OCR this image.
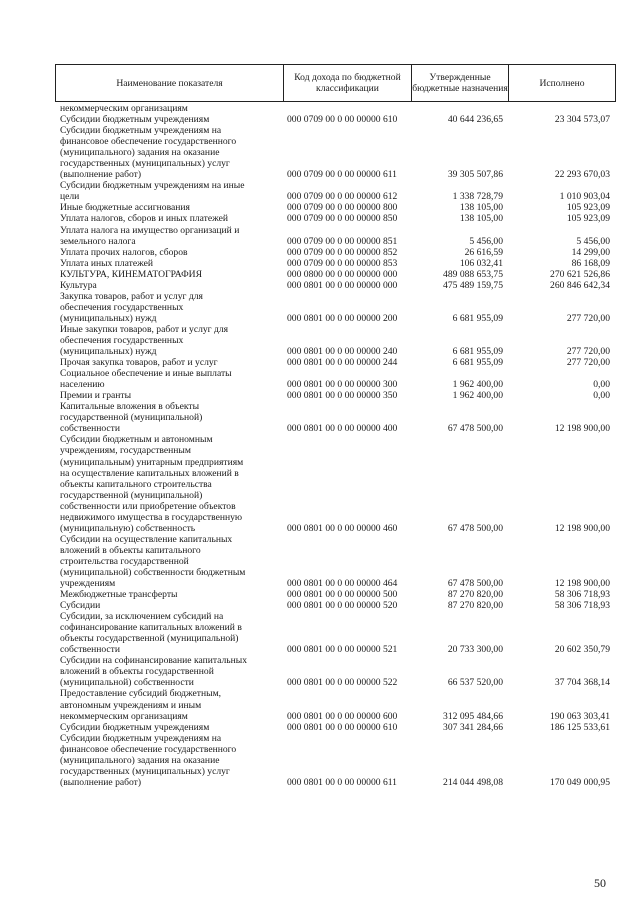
Наименование показателя	Код дохода по бюджетной классификации	Утвержденные бюджетные назначения	Исполнено
некоммерческим организациям
Субсидии бюджетным учреждениям	000 0709 00 0 00 00000 610	40 644 236,65	23 304 573,07
Субсидии бюджетным учреждениям на
финансовое обеспечение государственного
(муниципального) задания на оказание
государственных (муниципальных) услуг
(выполнение работ)	000 0709 00 0 00 00000 611	39 305 507,86	22 293 670,03
Субсидии бюджетным учреждениям на иные
цели	000 0709 00 0 00 00000 612	1 338 728,79	1 010 903,04
Иные бюджетные ассигнования	000 0709 00 0 00 00000 800	138 105,00	105 923,09
Уплата налогов, сборов и иных платежей	000 0709 00 0 00 00000 850	138 105,00	105 923,09
Уплата налога на имущество организаций и
земельного налога	000 0709 00 0 00 00000 851	5 456,00	5 456,00
Уплата прочих налогов, сборов	000 0709 00 0 00 00000 852	26 616,59	14 299,00
Уплата иных платежей	000 0709 00 0 00 00000 853	106 032,41	86 168,09
КУЛЬТУРА, КИНЕМАТОГРАФИЯ	000 0800 00 0 00 00000 000	489 088 653,75	270 621 526,86
Культура	000 0801 00 0 00 00000 000	475 489 159,75	260 846 642,34
Закупка товаров, работ и услуг для
обеспечения государственных
(муниципальных) нужд	000 0801 00 0 00 00000 200	6 681 955,09	277 720,00
Иные закупки товаров, работ и услуг для
обеспечения государственных
(муниципальных) нужд	000 0801 00 0 00 00000 240	6 681 955,09	277 720,00
Прочая закупка товаров, работ и услуг	000 0801 00 0 00 00000 244	6 681 955,09	277 720,00
Социальное обеспечение и иные выплаты
населению	000 0801 00 0 00 00000 300	1 962 400,00	0,00
Премии и гранты	000 0801 00 0 00 00000 350	1 962 400,00	0,00
Капитальные вложения в объекты
государственной (муниципальной)
собственности	000 0801 00 0 00 00000 400	67 478 500,00	12 198 900,00
Субсидии бюджетным и автономным
учреждениям, государственным
(муниципальным) унитарным предприятиям
на осуществление капитальных вложений в
объекты капитального строительства
государственной (муниципальной)
собственности или приобретение объектов
недвижимого имущества в государственную
(муниципальную) собственность	000 0801 00 0 00 00000 460	67 478 500,00	12 198 900,00
Субсидии на осуществление капитальных
вложений в объекты капитального
строительства государственной
(муниципальной) собственности бюджетным
учреждениям	000 0801 00 0 00 00000 464	67 478 500,00	12 198 900,00
Межбюджетные трансферты	000 0801 00 0 00 00000 500	87 270 820,00	58 306 718,93
Субсидии	000 0801 00 0 00 00000 520	87 270 820,00	58 306 718,93
Субсидии, за исключением субсидий на
софинансирование капитальных вложений в
объекты государственной (муниципальной)
собственности	000 0801 00 0 00 00000 521	20 733 300,00	20 602 350,79
Субсидии на софинансирование капитальных
вложений в объекты государственной
(муниципальной) собственности	000 0801 00 0 00 00000 522	66 537 520,00	37 704 368,14
Предоставление субсидий бюджетным,
автономным учреждениям и иным
некоммерческим организациям	000 0801 00 0 00 00000 600	312 095 484,66	190 063 303,41
Субсидии бюджетным учреждениям	000 0801 00 0 00 00000 610	307 341 284,66	186 125 533,61
Субсидии бюджетным учреждениям на
финансовое обеспечение государственного
(муниципального) задания на оказание
государственных (муниципальных) услуг
(выполнение работ)	000 0801 00 0 00 00000 611	214 044 498,08	170 049 000,95
50
